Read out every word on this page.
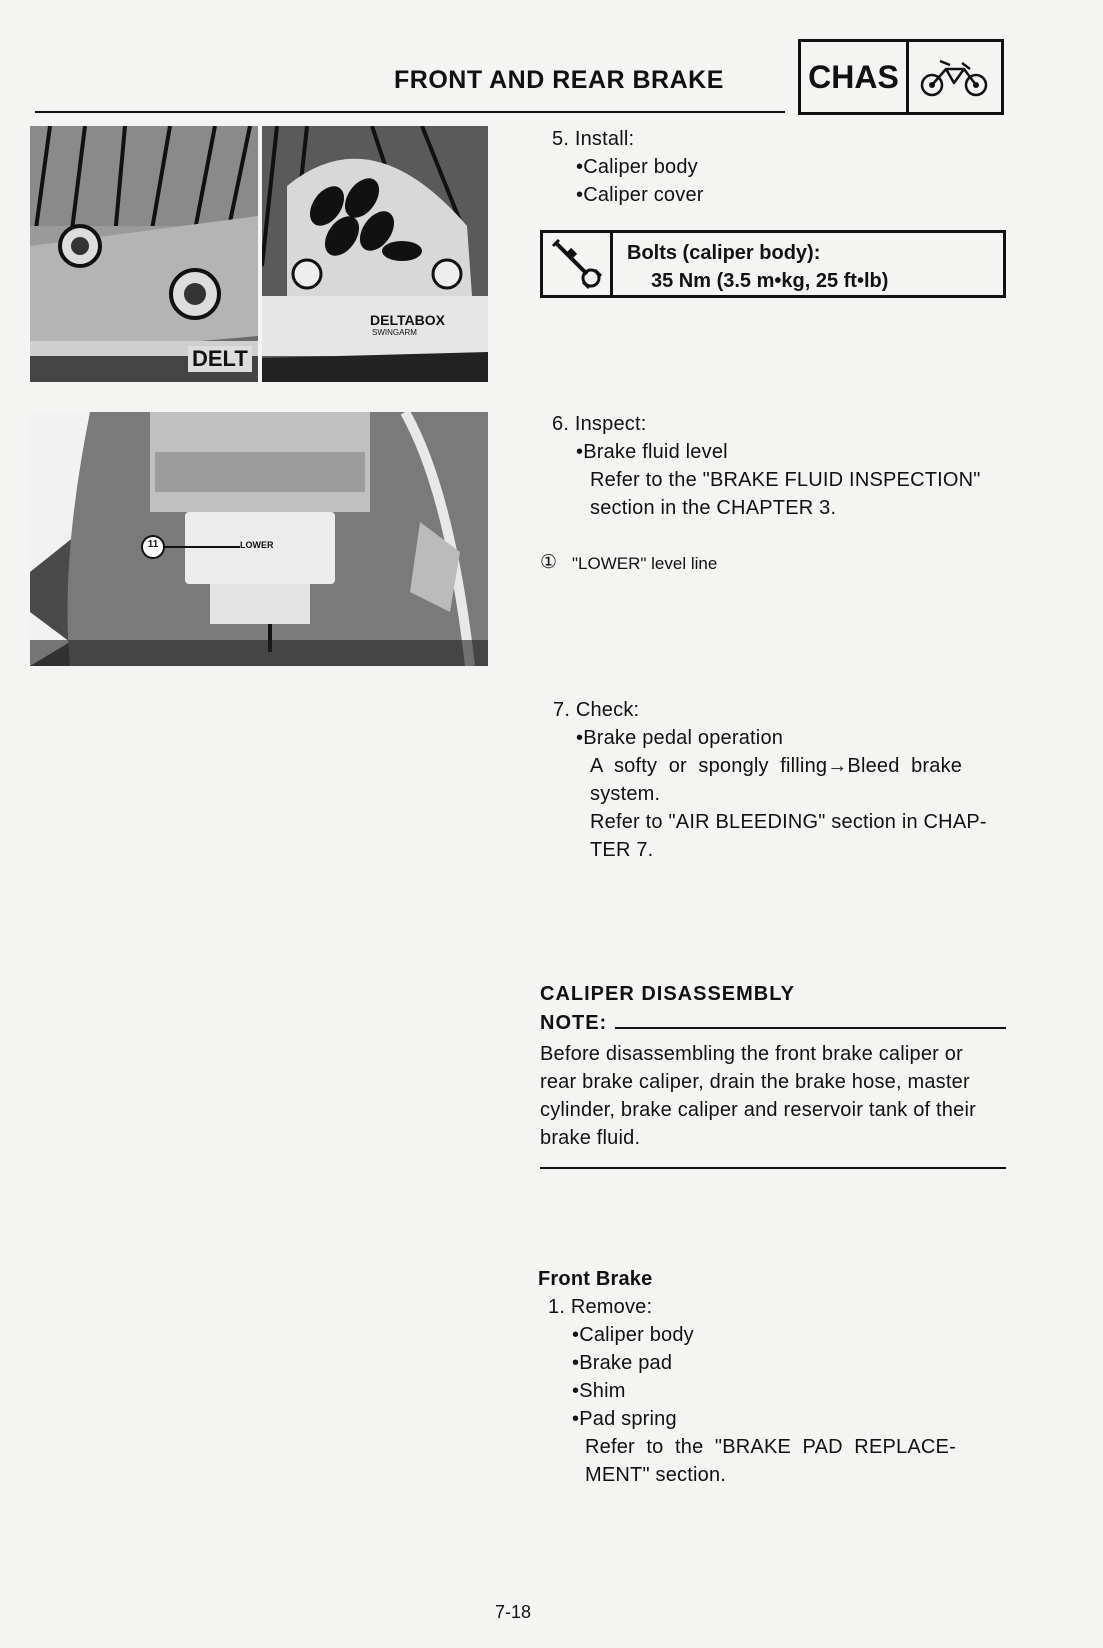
FRONT AND REAR BRAKE	CHAS
DELT
DELTABOX
SWINGARM
11	LOWER
5. Install:
•Caliper body
•Caliper cover
Bolts (caliper body):
35 Nm (3.5 m•kg, 25 ft•lb)
6. Inspect:
•Brake fluid level
Refer to the "BRAKE FLUID INSPECTION"
section in the CHAPTER 3.
① "LOWER" level line
7. Check:
•Brake pedal operation
A  softy  or  spongly  filling→Bleed  brake
system.
Refer to "AIR BLEEDING" section in CHAP-
TER 7.
CALIPER DISASSEMBLY
NOTE:
Before disassembling the front brake caliper or
rear brake caliper, drain the brake hose, master
cylinder, brake caliper and reservoir tank of their
brake fluid.
Front Brake
1. Remove:
•Caliper body
•Brake pad
•Shim
•Pad spring
Refer  to  the  "BRAKE  PAD  REPLACE-
MENT" section.
7-18
